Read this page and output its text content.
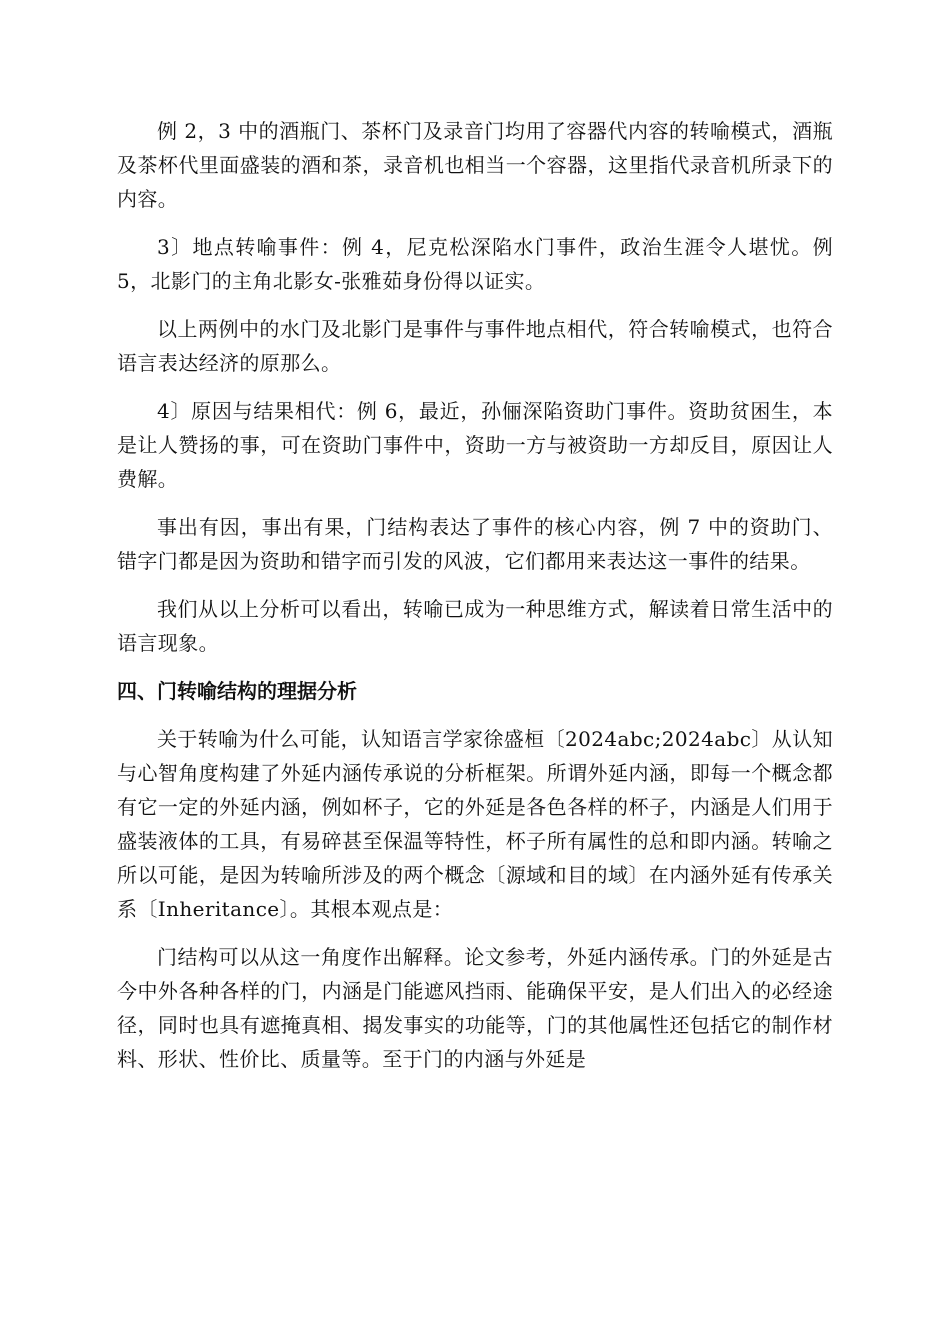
例 2，3 中的酒瓶门、茶杯门及录音门均用了容器代内容的转喻模式，酒瓶及茶杯代里面盛装的酒和茶，录音机也相当一个容器，这里指代录音机所录下的内容。

3〕地点转喻事件：例 4，尼克松深陷水门事件，政治生涯令人堪忧。例 5，北影门的主角北影女-张雅茹身份得以证实。

以上两例中的水门及北影门是事件与事件地点相代，符合转喻模式，也符合语言表达经济的原那么。

4〕原因与结果相代：例 6，最近，孙俪深陷资助门事件。资助贫困生，本是让人赞扬的事，可在资助门事件中，资助一方与被资助一方却反目，原因让人费解。

事出有因，事出有果，门结构表达了事件的核心内容，例 7 中的资助门、错字门都是因为资助和错字而引发的风波，它们都用来表达这一事件的结果。

我们从以上分析可以看出，转喻已成为一种思维方式，解读着日常生活中的语言现象。

四、门转喻结构的理据分析

关于转喻为什么可能，认知语言学家徐盛桓〔2024abc;2024abc〕从认知与心智角度构建了外延内涵传承说的分析框架。所谓外延内涵，即每一个概念都有它一定的外延内涵，例如杯子，它的外延是各色各样的杯子，内涵是人们用于盛装液体的工具，有易碎甚至保温等特性，杯子所有属性的总和即内涵。转喻之所以可能，是因为转喻所涉及的两个概念〔源域和目的域〕在内涵外延有传承关系〔Inheritance〕。其根本观点是：

门结构可以从这一角度作出解释。论文参考，外延内涵传承。门的外延是古今中外各种各样的门，内涵是门能遮风挡雨、能确保平安，是人们出入的必经途径，同时也具有遮掩真相、揭发事实的功能等，门的其他属性还包括它的制作材料、形状、性价比、质量等。至于门的内涵与外延是
